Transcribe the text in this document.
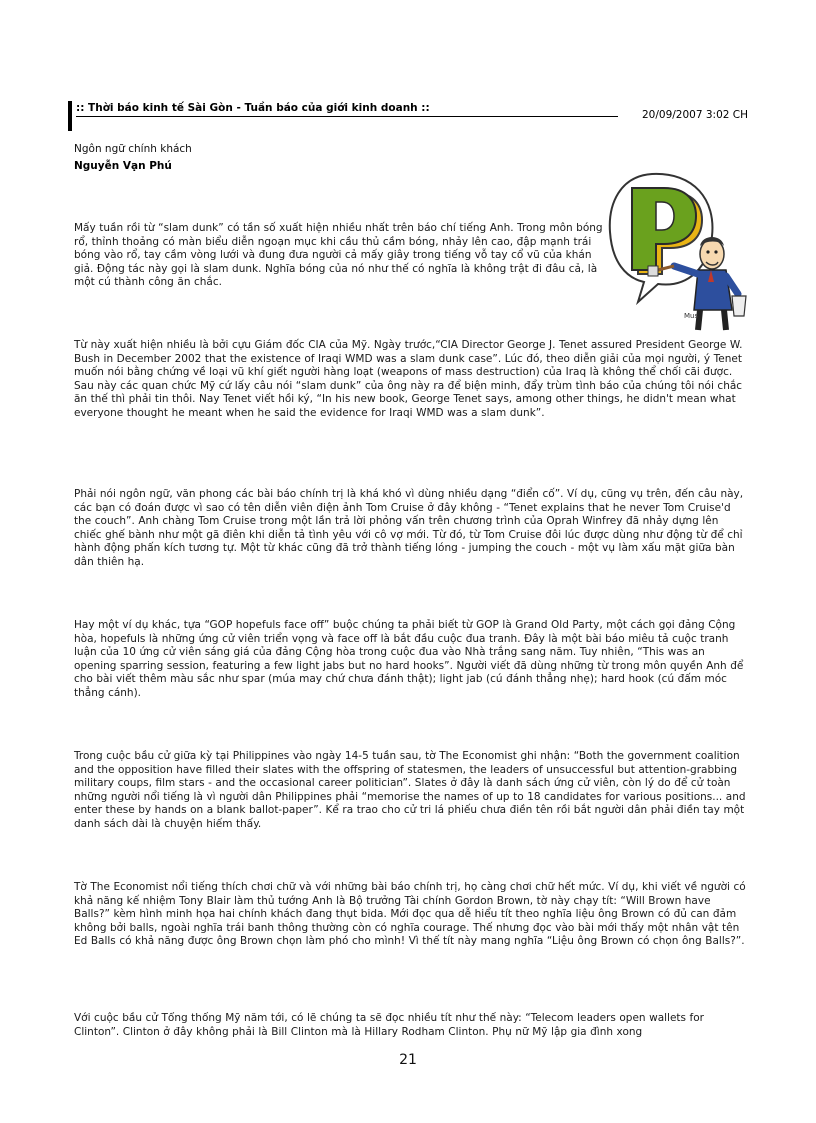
:: Thời báo kinh tế Sài Gòn - Tuần báo của giới kinh doanh ::
20/09/2007 3:02 CH
Ngôn ngữ chính khách
Nguyễn Vạn Phú
Mus
Mấy tuần rồi từ “slam dunk” có tần số xuất hiện nhiều nhất trên báo chí tiếng Anh. Trong môn bóng rổ, thỉnh thoảng có màn biểu diễn ngoạn mục khi cầu thủ cầm bóng, nhảy lên cao, đập mạnh trái bóng vào rổ, tay cầm vòng lưới và đung đưa người cả mấy giây trong tiếng vỗ tay cổ vũ của khán giả. Động tác này gọi là slam dunk. Nghĩa bóng của nó như thế có nghĩa là không trật đi đâu cả, là một cú thành công ăn chắc.
Từ này xuất hiện nhiều là bởi cựu Giám đốc CIA của Mỹ. Ngày trước,“CIA Director George J. Tenet assured President George W. Bush in December 2002 that the existence of Iraqi WMD was a slam dunk case”. Lúc đó, theo diễn giải của mọi người, ý Tenet muốn nói bằng chứng về loại vũ khí giết người hàng loạt (weapons of mass destruction) của Iraq là không thể chối cãi được. Sau này các quan chức Mỹ cứ lấy câu nói “slam dunk” của ông này ra để biện minh, đẩy trùm tình báo của chúng tôi nói chắc ăn thế thì phải tin thôi. Nay Tenet viết hồi ký, “In his new book, George Tenet says, among other things, he didn't mean what everyone thought he meant when he said the evidence for Iraqi WMD was a slam dunk”.
Phải nói ngôn ngữ, văn phong các bài báo chính trị là khá khó vì dùng nhiều dạng “điển cố”. Ví dụ, cũng vụ trên, đến câu này, các bạn có đoán được vì sao có tên diễn viên điện ảnh Tom Cruise ở đây không - “Tenet explains that he never Tom Cruise'd the couch”. Anh chàng Tom Cruise trong một lần trả lời phỏng vấn trên chương trình của Oprah Winfrey đã nhảy dựng lên chiếc ghế bành như một gã điên khi diễn tả tình yêu với cô vợ mới. Từ đó, từ Tom Cruise đôi lúc được dùng như động từ để chỉ hành động phấn kích tương tự. Một từ khác cũng đã trở thành tiếng lóng - jumping the couch - một vụ làm xấu mặt giữa bàn dân thiên hạ.
Hay một ví dụ khác, tựa “GOP hopefuls face off” buộc chúng ta phải biết từ GOP là Grand Old Party, một cách gọi đảng Cộng hòa, hopefuls là những ứng cử viên triển vọng và face off là bắt đầu cuộc đua tranh. Đây là một bài báo miêu tả cuộc tranh luận của 10 ứng cử viên sáng giá của đảng Cộng hòa trong cuộc đua vào Nhà trắng sang năm. Tuy nhiên, “This was an opening sparring session, featuring a few light jabs but no hard hooks”. Người viết đã dùng những từ trong môn quyền Anh để cho bài viết thêm màu sắc như spar (múa may chứ chưa đánh thật); light jab (cú đánh thẳng nhẹ); hard hook (cú đấm móc thẳng cánh).
Trong cuộc bầu cử giữa kỳ tại Philippines vào ngày 14-5 tuần sau, tờ The Economist ghi nhận: “Both the government coalition and the opposition have filled their slates with the offspring of statesmen, the leaders of unsuccessful but attention-grabbing military coups, film stars - and the occasional career politician”. Slates ở đây là danh sách ứng cử viên, còn lý do để cử toàn những người nổi tiếng là vì người dân Philippines phải “memorise the names of up to 18 candidates for various positions... and enter these by hands on a blank ballot-paper”. Kể ra trao cho cử tri lá phiếu chưa điền tên rồi bắt người dân phải điền tay một danh sách dài là chuyện hiếm thấy.
Tờ The Economist nổi tiếng thích chơi chữ và với những bài báo chính trị, họ càng chơi chữ hết mức. Ví dụ, khi viết về người có khả năng kế nhiệm Tony Blair làm thủ tướng Anh là Bộ trưởng Tài chính Gordon Brown, tờ này chạy tít: “Will Brown have Balls?” kèm hình minh họa hai chính khách đang thụt bida. Mới đọc qua dễ hiểu tít theo nghĩa liệu ông Brown có đủ can đảm không bởi balls, ngoài nghĩa trái banh thông thường còn có nghĩa courage. Thế nhưng đọc vào bài mới thấy một nhân vật tên Ed Balls có khả năng được ông Brown chọn làm phó cho mình! Vì thế tít này mang nghĩa “Liệu ông Brown có chọn ông Balls?”.
Với cuộc bầu cử Tổng thống Mỹ năm tới, có lẽ chúng ta sẽ đọc nhiều tít như thế này: “Telecom leaders open wallets for Clinton”. Clinton ở đây không phải là Bill Clinton mà là Hillary Rodham Clinton. Phụ nữ Mỹ lập gia đình xong
21
